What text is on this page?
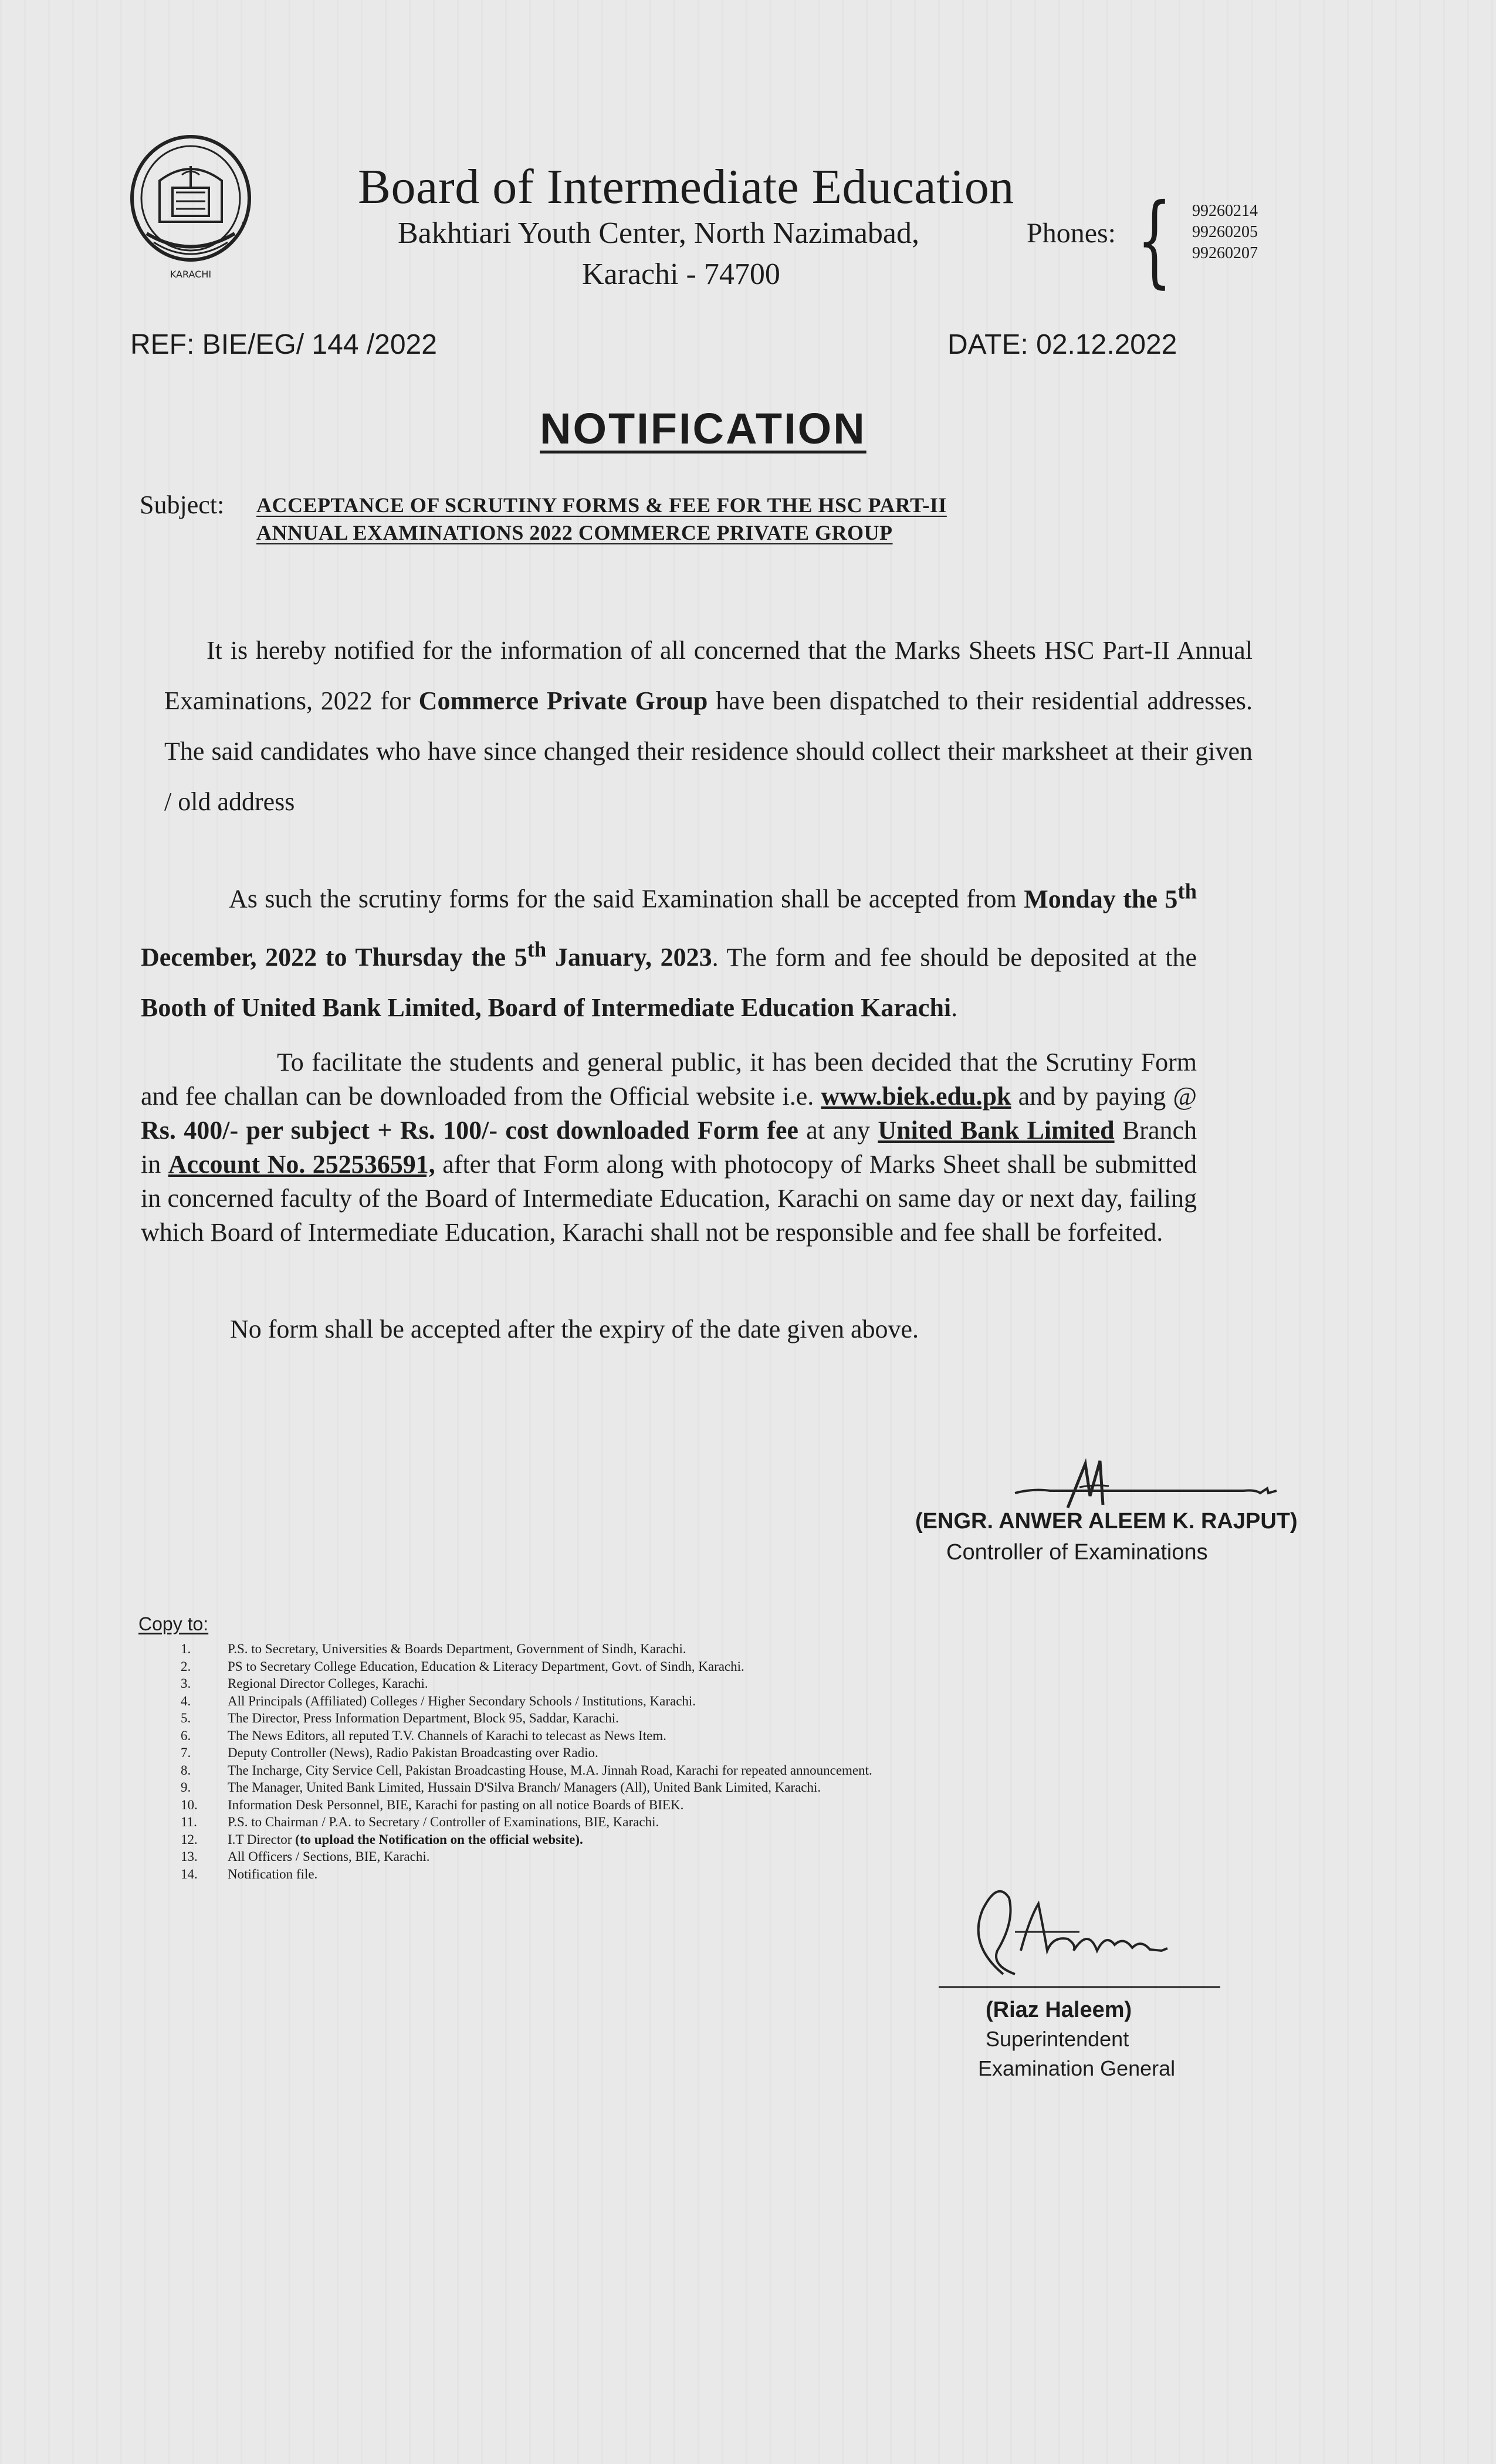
KARACHI
Board of Intermediate Education
Bakhtiari Youth Center, North Nazimabad,	Phones: { 99260214
99260205
99260207
Karachi - 74700
REF: BIE/EG/ 144 /2022	DATE: 02.12.2022
NOTIFICATION
Subject: ACCEPTANCE OF SCRUTINY FORMS & FEE FOR THE HSC PART-II
ANNUAL EXAMINATIONS 2022 COMMERCE PRIVATE GROUP
It is hereby notified for the information of all concerned that the Marks Sheets HSC Part-II Annual Examinations, 2022 for Commerce Private Group have been dispatched to their residential addresses. The said candidates who have since changed their residence should collect their marksheet at their given / old address
As such the scrutiny forms for the said Examination shall be accepted from Monday the 5th December, 2022 to Thursday the 5th January, 2023. The form and fee should be deposited at the Booth of United Bank Limited, Board of Intermediate Education Karachi.
To facilitate the students and general public, it has been decided that the Scrutiny Form and fee challan can be downloaded from the Official website i.e. www.biek.edu.pk and by paying @ Rs. 400/- per subject + Rs. 100/- cost downloaded Form fee at any United Bank Limited Branch in Account No. 252536591, after that Form along with photocopy of Marks Sheet shall be submitted in concerned faculty of the Board of Intermediate Education, Karachi on same day or next day, failing which Board of Intermediate Education, Karachi shall not be responsible and fee shall be forfeited.
No form shall be accepted after the expiry of the date given above.
(ENGR. ANWER ALEEM K. RAJPUT)
Controller of Examinations
Copy to:
1.	P.S. to Secretary, Universities & Boards Department, Government of Sindh, Karachi.
2.	PS to Secretary College Education, Education & Literacy Department, Govt. of Sindh, Karachi.
3.	Regional Director Colleges, Karachi.
4.	All Principals (Affiliated) Colleges / Higher Secondary Schools / Institutions, Karachi.
5.	The Director, Press Information Department, Block 95, Saddar, Karachi.
6.	The News Editors, all reputed T.V. Channels of Karachi to telecast as News Item.
7.	Deputy Controller (News), Radio Pakistan Broadcasting over Radio.
8.	The Incharge, City Service Cell, Pakistan Broadcasting House, M.A. Jinnah Road, Karachi for repeated announcement.
9.	The Manager, United Bank Limited, Hussain D'Silva Branch/ Managers (All), United Bank Limited, Karachi.
10.	Information Desk Personnel, BIE, Karachi for pasting on all notice Boards of BIEK.
11.	P.S. to Chairman / P.A. to Secretary / Controller of Examinations, BIE, Karachi.
12.	I.T Director (to upload the Notification on the official website).
13.	All Officers / Sections, BIE, Karachi.
14.	Notification file.
(Riaz Haleem)
Superintendent
Examination General
